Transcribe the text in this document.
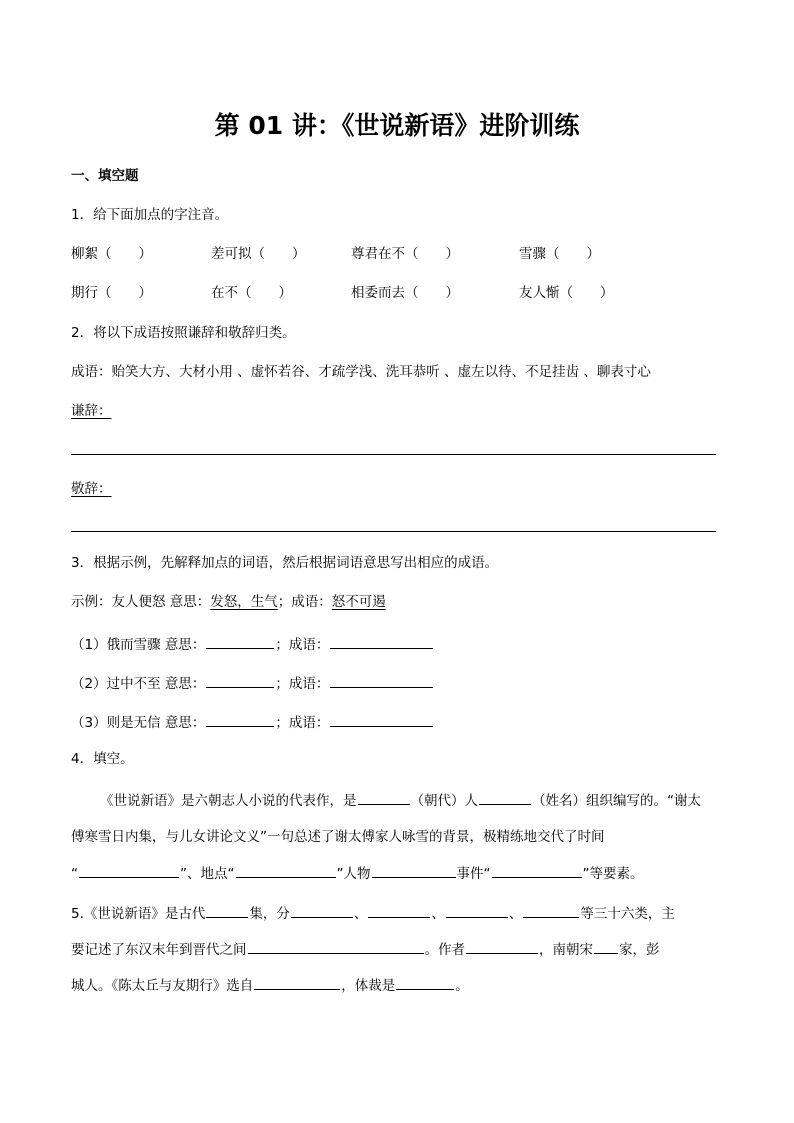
第 01 讲：《世说新语》进阶训练
一、填空题
1．给下面加点的字注音。
柳絮（　　）	差可拟（　　）	尊君在不（　　）	雪骤（　　）
期行（　　）	在不（　　）	相委而去（　　）	友人惭（　　）
2．将以下成语按照谦辞和敬辞归类。
成语：贻笑大方、大材小用 、虚怀若谷、才疏学浅、洗耳恭听 、虚左以待、不足挂齿 、聊表寸心
谦辞：
敬辞：
3．根据示例，先解释加点的词语，然后根据词语意思写出相应的成语。
示例：友人便怒 意思：发怒，生气；成语：怒不可遏
（1）俄而雪骤 意思：	；成语：
（2）过中不至 意思：	；成语：
（3）则是无信 意思：	；成语：
4．填空。
《世说新语》是六朝志人小说的代表作，是	（朝代）人	（姓名）组织编写的。“谢太
傅寒雪日内集，与儿女讲论文义”一句总述了谢太傅家人咏雪的背景，极精练地交代了时间
“	”、地点“	”人物	事件“	”等要素。
5.《世说新语》是古代	集，分	、	、	、	等三十六类，主
要记述了东汉末年到晋代之间	。作者	，南朝宋 家，彭
城人。《陈太丘与友期行》选自	，体裁是	。
